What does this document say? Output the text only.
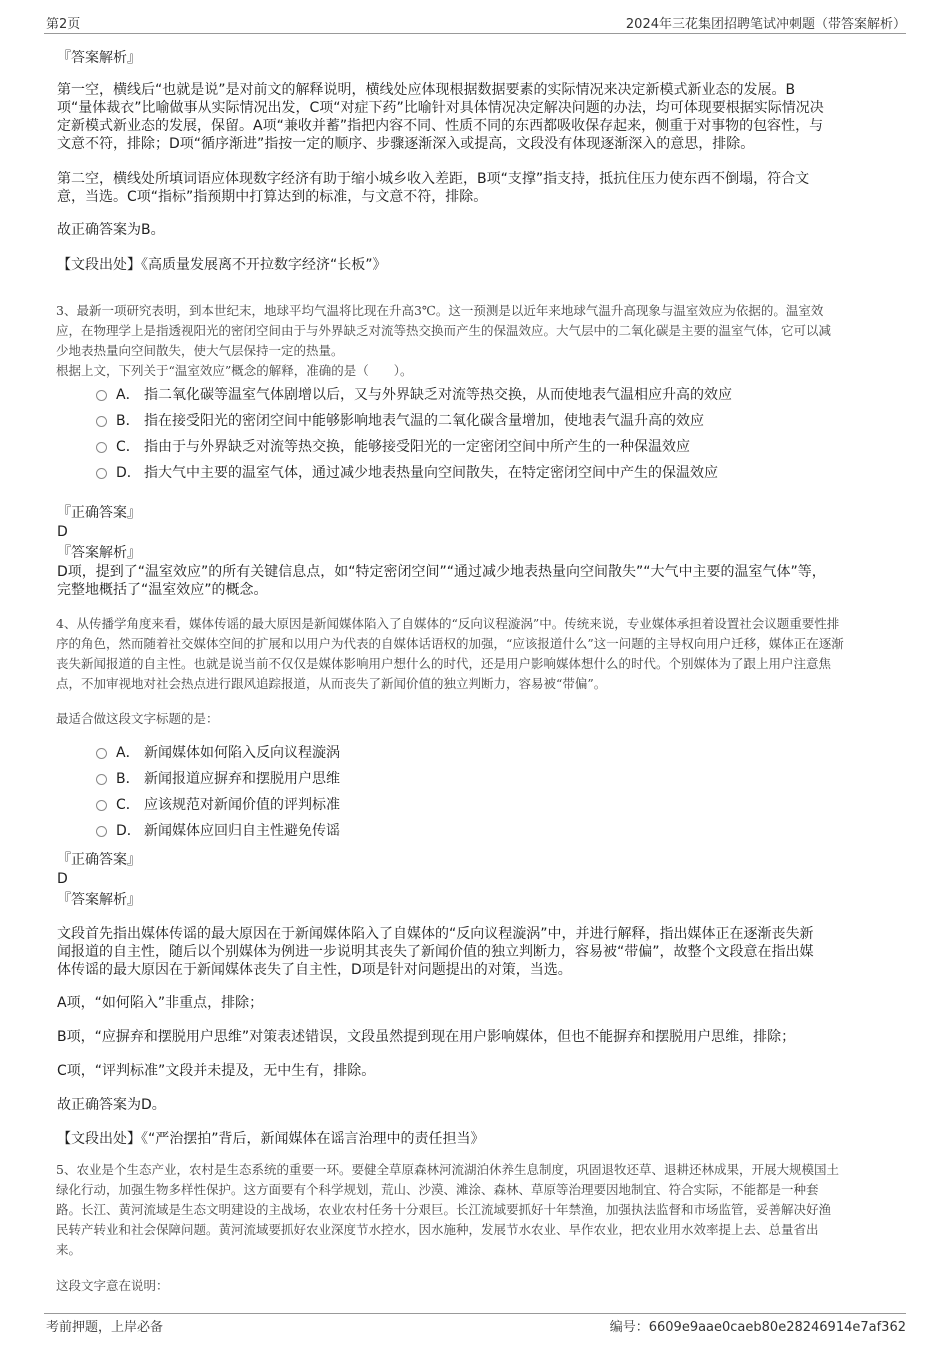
第2页	2024年三花集团招聘笔试冲刺题（带答案解析）
『答案解析』
第一空，横线后“也就是说”是对前文的解释说明，横线处应体现根据数据要素的实际情况来决定新模式新业态的发展。B
项“量体裁衣”比喻做事从实际情况出发，C项“对症下药”比喻针对具体情况决定解决问题的办法，均可体现要根据实际情况决
定新模式新业态的发展，保留。A项“兼收并蓄”指把内容不同、性质不同的东西都吸收保存起来，侧重于对事物的包容性，与
文意不符，排除；D项“循序渐进”指按一定的顺序、步骤逐渐深入或提高，文段没有体现逐渐深入的意思，排除。
第二空，横线处所填词语应体现数字经济有助于缩小城乡收入差距，B项“支撑”指支持，抵抗住压力使东西不倒塌，符合文
意，当选。C项“指标”指预期中打算达到的标准，与文意不符，排除。
故正确答案为B。
【文段出处】《高质量发展离不开拉数字经济“长板”》
3、最新一项研究表明，到本世纪末，地球平均气温将比现在升高3℃。这一预测是以近年来地球气温升高现象与温室效应为依据的。温室效
应，在物理学上是指透视阳光的密闭空间由于与外界缺乏对流等热交换而产生的保温效应。大气层中的二氧化碳是主要的温室气体，它可以减
少地表热量向空间散失，使大气层保持一定的热量。
根据上文，下列关于“温室效应”概念的解释，准确的是（　　）。
A． 指二氧化碳等温室气体剧增以后，又与外界缺乏对流等热交换，从而使地表气温相应升高的效应
B． 指在接受阳光的密闭空间中能够影响地表气温的二氧化碳含量增加，使地表气温升高的效应
C． 指由于与外界缺乏对流等热交换，能够接受阳光的一定密闭空间中所产生的一种保温效应
D． 指大气中主要的温室气体，通过减少地表热量向空间散失，在特定密闭空间中产生的保温效应
『正确答案』
D
『答案解析』
D项，提到了“温室效应”的所有关键信息点，如“特定密闭空间”“通过减少地表热量向空间散失”“大气中主要的温室气体”等，
完整地概括了“温室效应”的概念。
4、从传播学角度来看，媒体传谣的最大原因是新闻媒体陷入了自媒体的“反向议程漩涡”中。传统来说，专业媒体承担着设置社会议题重要性排
序的角色，然而随着社交媒体空间的扩展和以用户为代表的自媒体话语权的加强，“应该报道什么”这一问题的主导权向用户迁移，媒体正在逐渐
丧失新闻报道的自主性。也就是说当前不仅仅是媒体影响用户想什么的时代，还是用户影响媒体想什么的时代。个别媒体为了跟上用户注意焦
点，不加审视地对社会热点进行跟风追踪报道，从而丧失了新闻价值的独立判断力，容易被“带偏”。
最适合做这段文字标题的是：
A． 新闻媒体如何陷入反向议程漩涡
B． 新闻报道应摒弃和摆脱用户思维
C． 应该规范对新闻价值的评判标准
D． 新闻媒体应回归自主性避免传谣
『正确答案』
D
『答案解析』
文段首先指出媒体传谣的最大原因在于新闻媒体陷入了自媒体的“反向议程漩涡”中，并进行解释，指出媒体正在逐渐丧失新
闻报道的自主性，随后以个别媒体为例进一步说明其丧失了新闻价值的独立判断力，容易被“带偏”，故整个文段意在指出媒
体传谣的最大原因在于新闻媒体丧失了自主性，D项是针对问题提出的对策，当选。
A项，“如何陷入”非重点，排除；
B项，“应摒弃和摆脱用户思维”对策表述错误，文段虽然提到现在用户影响媒体，但也不能摒弃和摆脱用户思维，排除；
C项，“评判标准”文段并未提及，无中生有，排除。
故正确答案为D。
【文段出处】《“严治摆拍”背后，新闻媒体在谣言治理中的责任担当》
5、农业是个生态产业，农村是生态系统的重要一环。要健全草原森林河流湖泊休养生息制度，巩固退牧还草、退耕还林成果，开展大规模国土
绿化行动，加强生物多样性保护。这方面要有个科学规划，荒山、沙漠、滩涂、森林、草原等治理要因地制宜、符合实际，不能都是一种套
路。长江、黄河流域是生态文明建设的主战场，农业农村任务十分艰巨。长江流域要抓好十年禁渔，加强执法监督和市场监管，妥善解决好渔
民转产转业和社会保障问题。黄河流域要抓好农业深度节水控水，因水施种，发展节水农业、旱作农业，把农业用水效率提上去、总量省出
来。
这段文字意在说明：
考前押题，上岸必备	编号：6609e9aae0caeb80e28246914e7af362
